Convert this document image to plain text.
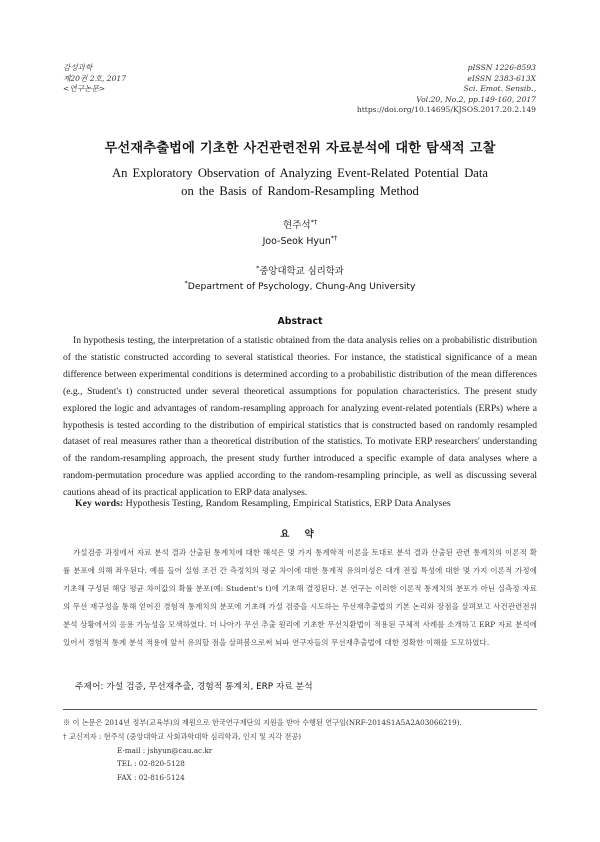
감성과학
제20권 2호, 2017
<연구논문>
pISSN 1226-8593
eISSN 2383-613X
Sci. Emot. Sensib.,
Vol.20, No.2, pp.149-160, 2017
https://doi.org/10.14695/KJSOS.2017.20.2.149
무선재추출법에 기초한 사건관련전위 자료분석에 대한 탐색적 고찰
An Exploratory Observation of Analyzing Event-Related Potential Data
on the Basis of Random-Resampling Method
현주석*†
Joo-Seok Hyun*†
*중앙대학교 심리학과
*Department of Psychology, Chung-Ang University
Abstract

In hypothesis testing, the interpretation of a statistic obtained from the data analysis relies on a probabilistic distribution of the statistic constructed according to several statistical theories. For instance, the statistical significance of a mean difference between experimental conditions is determined according to a probabilistic distribution of the mean differences (e.g., Student's t) constructed under several theoretical assumptions for population characteristics. The present study explored the logic and advantages of random-resampling approach for analyzing event-related potentials (ERPs) where a hypothesis is tested according to the distribution of empirical statistics that is constructed based on randomly resampled dataset of real measures rather than a theoretical distribution of the statistics. To motivate ERP researchers' understanding of the random-resampling approach, the present study further introduced a specific example of data analyses where a random-permutation procedure was applied according to the random-resampling principle, as well as discussing several cautions ahead of its practical application to ERP data analyses.

Key words: Hypothesis Testing, Random Resampling, Empirical Statistics, ERP Data Analyses
요 약

가설검증 과정에서 자료 분석 결과 산출된 통계치에 대한 해석은 몇 가지 통계학적 이론을 토대로 분석 결과 산출된 관련 통계치의 이론적 확률 분포에 의해 좌우된다. 예를 들어 실험 조건 간 측정치의 평균 차이에 대한 통계적 유의미성은 대개 전집 특성에 대한 몇 가지 이론적 가정에 기초해 구성된 해당 평균 차이값의 확률 분포(예: Student's t)에 기초해 결정된다. 본 연구는 이러한 이론적 통계치의 분포가 아닌 실측정 자료의 무선 재구성을 통해 얻어진 경험적 통계치의 분포에 기초해 가설 검증을 시도하는 무선재추출법의 기본 논리와 장점을 살펴보고 사건관련전위 분석 상황에서의 응용 가능성을 모색하였다. 더 나아가 무선 추출 원리에 기초한 무선치환법이 적용된 구체적 사례를 소개하고 ERP 자료 분석에 있어서 경험적 통계 분석 적용에 앞서 유의할 점을 살펴봄으로써 뇌파 연구자들의 무선재추출법에 대한 정확한 이해를 도모하였다.

주제어: 가설 검증, 무선재추출, 경험적 통계치, ERP 자료 분석
※ 이 논문은 2014년 정부(교육부)의 재원으로 한국연구재단의 지원을 받아 수행된 연구임(NRF-2014S1A5A2A03066219).
† 교신저자 : 현주석 (중앙대학교 사회과학대학 심리학과, 인지 및 지각 전공)
E-mail : jshyun@cau.ac.kr
TEL : 02-820-5128
FAX : 02-816-5124
